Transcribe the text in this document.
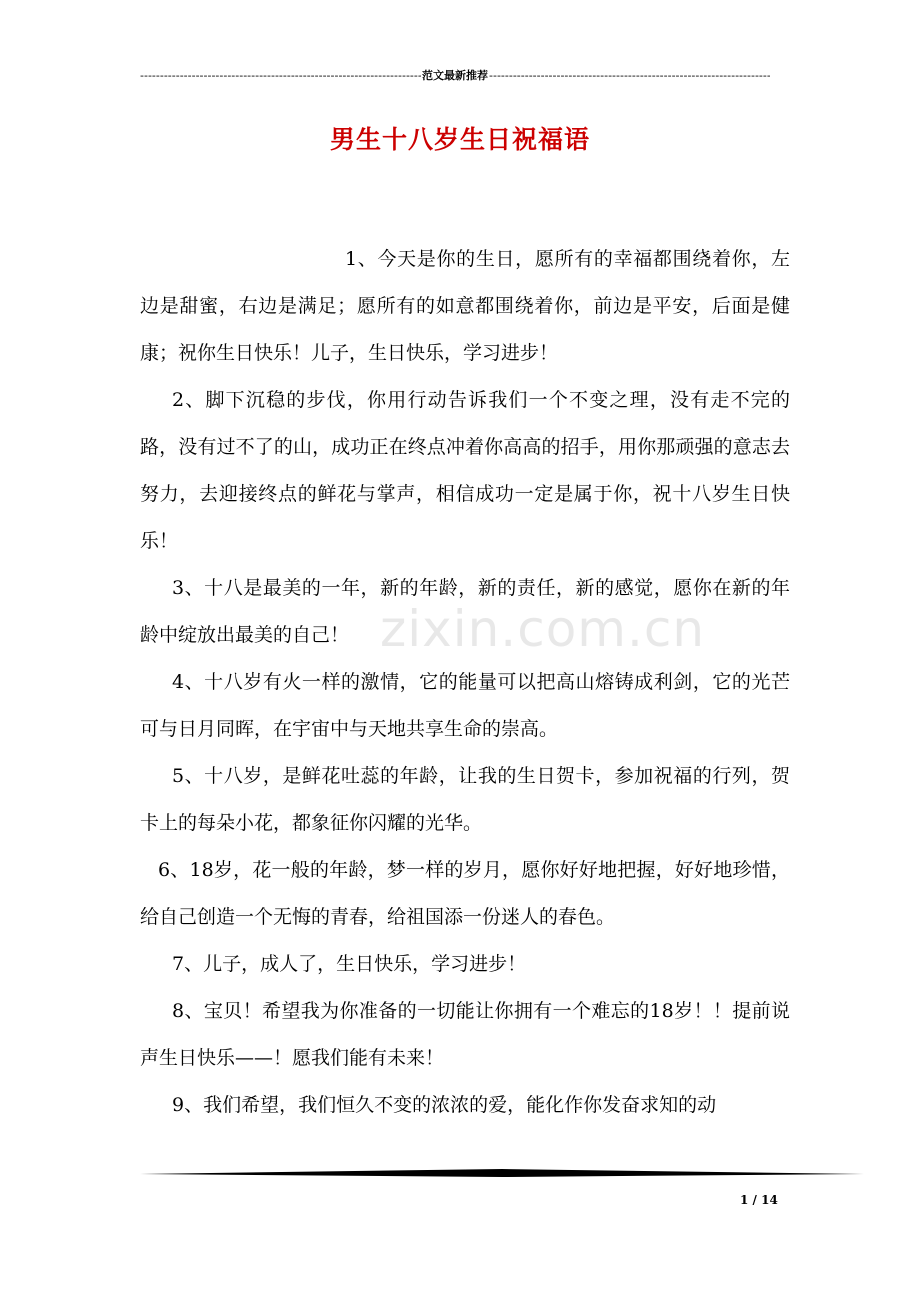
-----
范文最新推荐
-----
男生十八岁生日祝福语
zixin.com.cn

1、今天是你的生日，愿所有的幸福都围绕着你，左边是甜蜜，右边是满足；愿所有的如意都围绕着你，前边是平安，后面是健康；祝你生日快乐！儿子，生日快乐，学习进步！

2、脚下沉稳的步伐，你用行动告诉我们一个不变之理，没有走不完的路，没有过不了的山，成功正在终点冲着你高高的招手，用你那顽强的意志去努力，去迎接终点的鲜花与掌声，相信成功一定是属于你，祝十八岁生日快乐！

3、十八是最美的一年，新的年龄，新的责任，新的感觉，愿你在新的年龄中绽放出最美的自己！

4、十八岁有火一样的激情，它的能量可以把高山熔铸成利剑，它的光芒可与日月同晖，在宇宙中与天地共享生命的崇高。

5、十八岁，是鲜花吐蕊的年龄，让我的生日贺卡，参加祝福的行列，贺卡上的每朵小花，都象征你闪耀的光华。

6、18岁，花一般的年龄，梦一样的岁月，愿你好好地把握，好好地珍惜，给自己创造一个无悔的青春，给祖国添一份迷人的春色。

7、儿子，成人了，生日快乐，学习进步！

8、宝贝！希望我为你准备的一切能让你拥有一个难忘的18岁！！提前说声生日快乐——！愿我们能有未来！

9、我们希望，我们恒久不变的浓浓的爱，能化作你发奋求知的动

1 / 14
